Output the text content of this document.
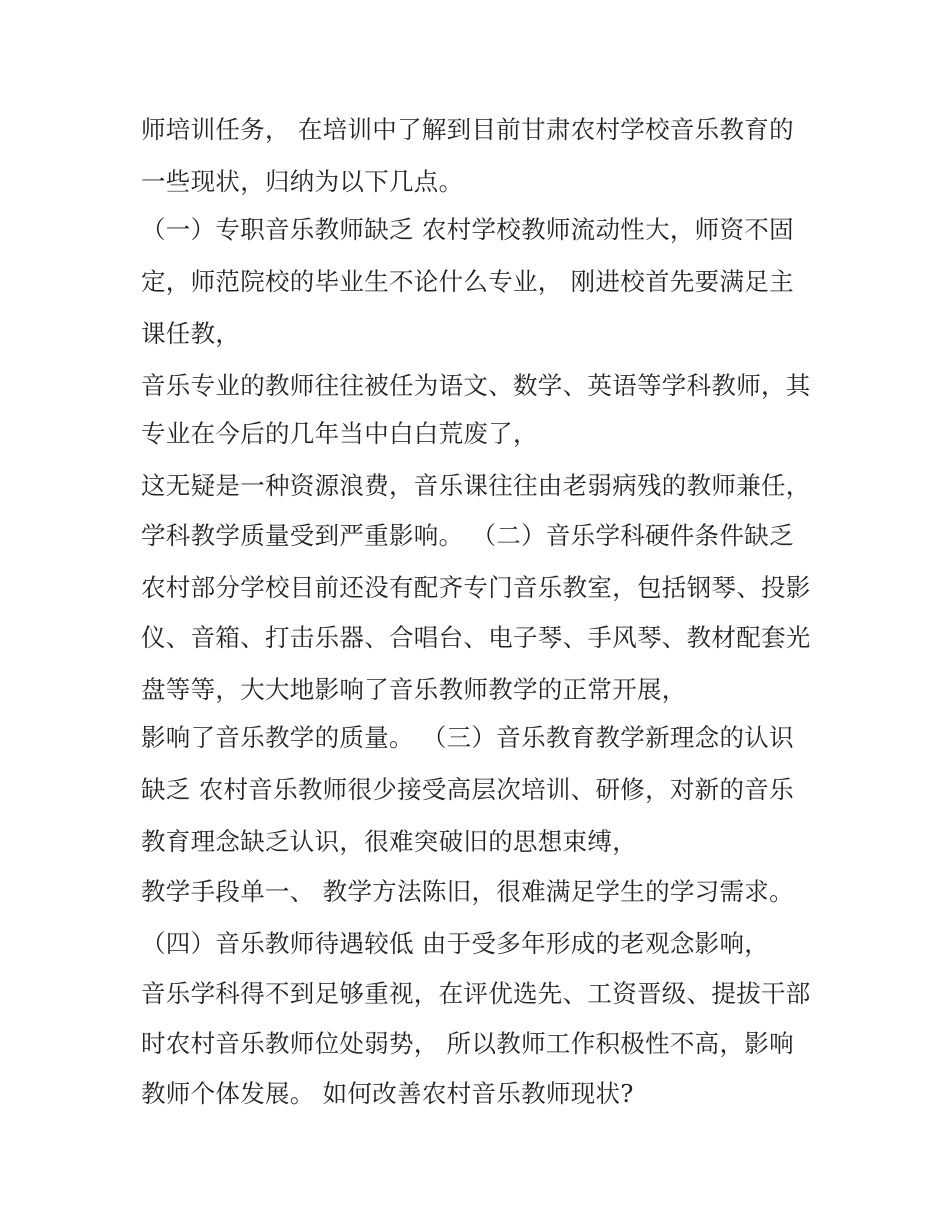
师培训任务， 在培训中了解到目前甘肃农村学校音乐教育的
一些现状，归纳为以下几点。
（一）专职音乐教师缺乏 农村学校教师流动性大，师资不固
定，师范院校的毕业生不论什么专业， 刚进校首先要满足主
课任教，
音乐专业的教师往往被任为语文、数学、英语等学科教师，其
专业在今后的几年当中白白荒废了，
这无疑是一种资源浪费，音乐课往往由老弱病残的教师兼任，
学科教学质量受到严重影响。 （二）音乐学科硬件条件缺乏
农村部分学校目前还没有配齐专门音乐教室，包括钢琴、投影
仪、音箱、打击乐器、合唱台、电子琴、手风琴、教材配套光
盘等等，大大地影响了音乐教师教学的正常开展，
影响了音乐教学的质量。 （三）音乐教育教学新理念的认识
缺乏 农村音乐教师很少接受高层次培训、研修，对新的音乐
教育理念缺乏认识，很难突破旧的思想束缚，
教学手段单一、 教学方法陈旧，很难满足学生的学习需求。
（四）音乐教师待遇较低 由于受多年形成的老观念影响，
音乐学科得不到足够重视，在评优选先、工资晋级、提拔干部
时农村音乐教师位处弱势， 所以教师工作积极性不高，影响
教师个体发展。 如何改善农村音乐教师现状?
